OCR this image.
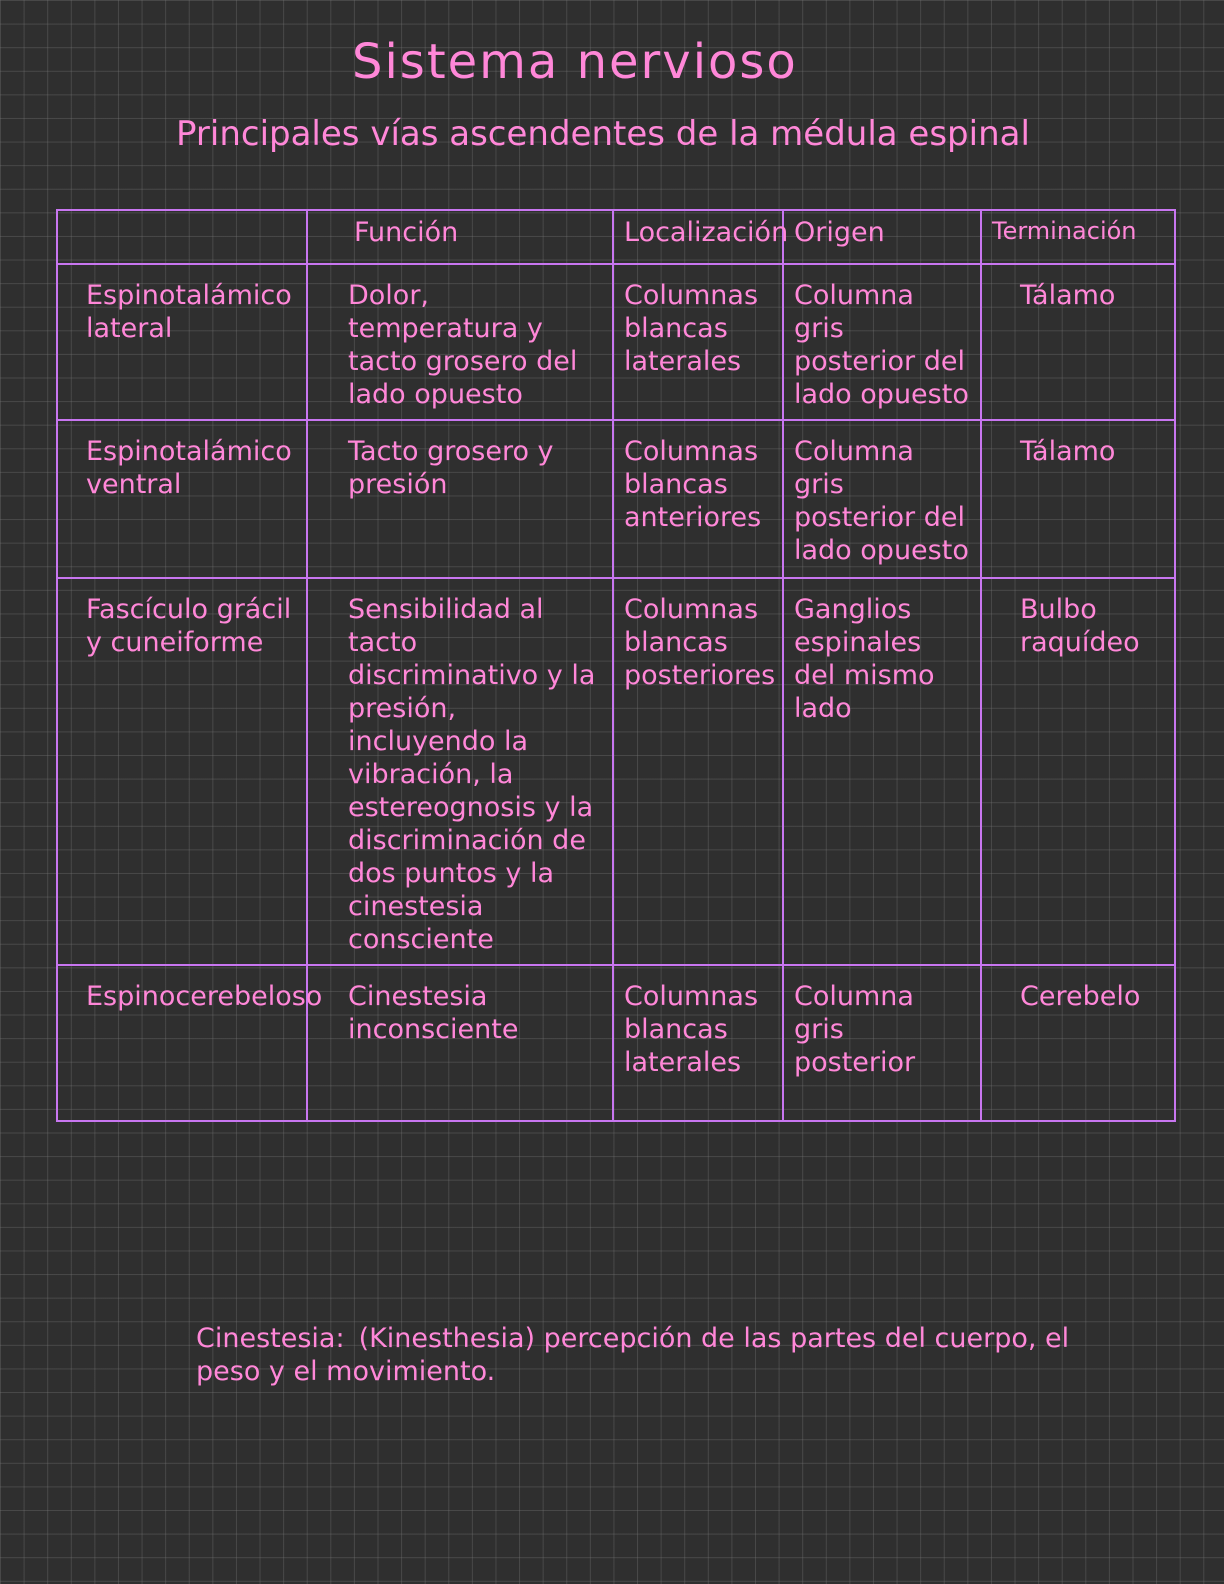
Sistema nervioso
Principales vías ascendentes de la médula espinal
	Función	Localización	Origen	Terminación
Espinotalámico lateral	Dolor, temperatura y tacto grosero del lado opuesto	Columnas blancas laterales	Columna gris posterior del lado opuesto	Tálamo
Espinotalámico ventral	Tacto grosero y presión	Columnas blancas anteriores	Columna gris posterior del lado opuesto	Tálamo
Fascículo grácil y cuneiforme	Sensibilidad al tacto discriminativo y la presión, incluyendo la vibración, la estereognosis y la discriminación de dos puntos y la cinestesia consciente	Columnas blancas posteriores	Ganglios espinales del mismo lado	Bulbo raquídeo
Espinocerebeloso	Cinestesia inconsciente	Columnas blancas laterales	Columna gris posterior	Cerebelo
Cinestesia: (Kinesthesia) percepción de las partes del cuerpo, el peso y el movimiento.
